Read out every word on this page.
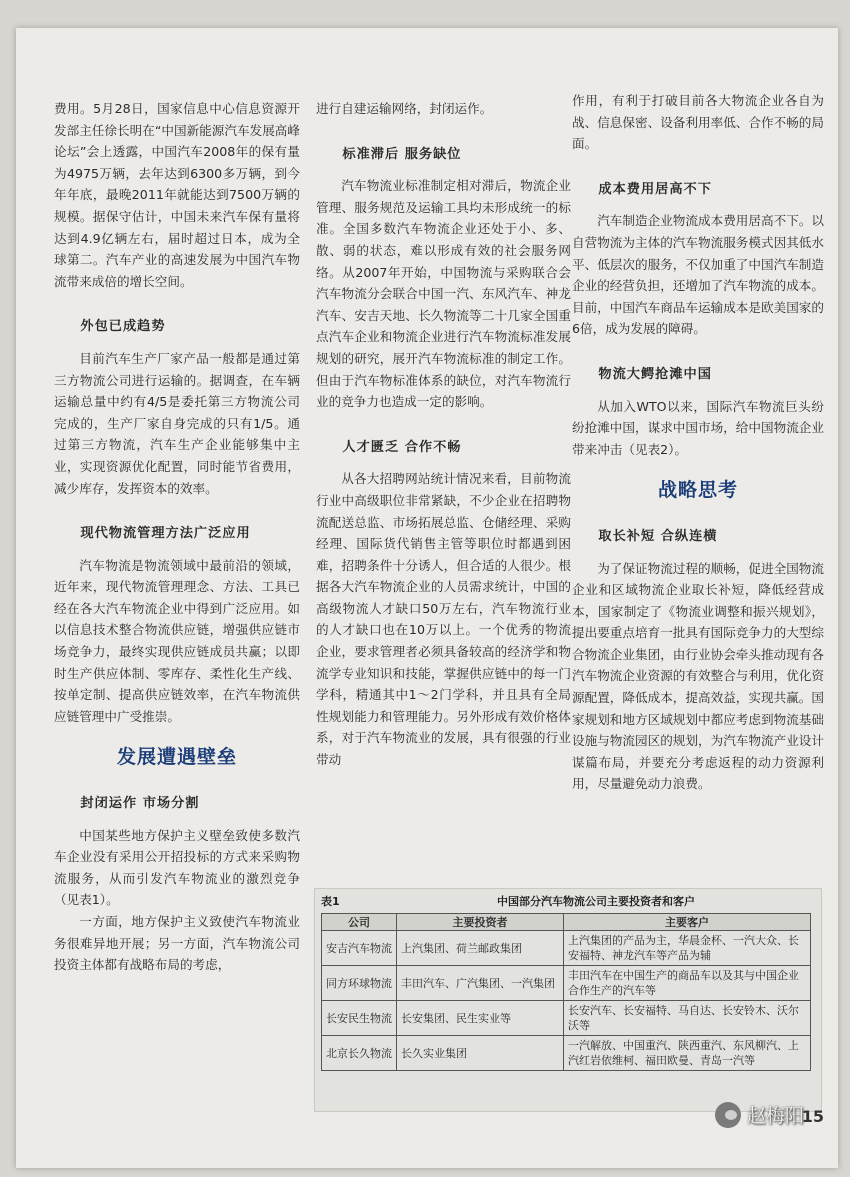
费用。5月28日，国家信息中心信息资源开发部主任徐长明在“中国新能源汽车发展高峰论坛”会上透露，中国汽车2008年的保有量为4975万辆，去年达到6300多万辆，到今年年底，最晚2011年就能达到7500万辆的规模。据保守估计，中国未来汽车保有量将达到4.9亿辆左右，届时超过日本，成为全球第二。汽车产业的高速发展为中国汽车物流带来成倍的增长空间。

外包已成趋势

目前汽车生产厂家产品一般都是通过第三方物流公司进行运输的。据调查，在车辆运输总量中约有4/5是委托第三方物流公司完成的，生产厂家自身完成的只有1/5。通过第三方物流，汽车生产企业能够集中主业，实现资源优化配置，同时能节省费用，减少库存，发挥资本的效率。

现代物流管理方法广泛应用

汽车物流是物流领域中最前沿的领域，近年来，现代物流管理理念、方法、工具已经在各大汽车物流企业中得到广泛应用。如以信息技术整合物流供应链，增强供应链市场竞争力，最终实现供应链成员共赢；以即时生产供应体制、零库存、柔性化生产线、按单定制、提高供应链效率，在汽车物流供应链管理中广受推崇。

发展遭遇壁垒
封闭运作 市场分割

中国某些地方保护主义壁垒致使多数汽车企业没有采用公开招投标的方式来采购物流服务，从而引发汽车物流业的激烈竞争（见表1）。

一方面，地方保护主义致使汽车物流业务很难异地开展；另一方面，汽车物流公司投资主体都有战略布局的考虑，

进行自建运输网络，封闭运作。

标准滞后 服务缺位

汽车物流业标准制定相对滞后，物流企业管理、服务规范及运输工具均未形成统一的标准。全国多数汽车物流企业还处于小、多、散、弱的状态，难以形成有效的社会服务网络。从2007年开始，中国物流与采购联合会汽车物流分会联合中国一汽、东风汽车、神龙汽车、安吉天地、长久物流等二十几家全国重点汽车企业和物流企业进行汽车物流标准发展规划的研究，展开汽车物流标准的制定工作。但由于汽车物标准体系的缺位，对汽车物流行业的竞争力也造成一定的影响。

人才匮乏 合作不畅

从各大招聘网站统计情况来看，目前物流行业中高级职位非常紧缺，不少企业在招聘物流配送总监、市场拓展总监、仓储经理、采购经理、国际货代销售主管等职位时都遇到困难，招聘条件十分诱人，但合适的人很少。根据各大汽车物流企业的人员需求统计，中国的高级物流人才缺口50万左右，汽车物流行业的人才缺口也在10万以上。一个优秀的物流企业，要求管理者必须具备较高的经济学和物流学专业知识和技能，掌握供应链中的每一门学科，精通其中1～2门学科，并且具有全局性规划能力和管理能力。另外形成有效价格体系，对于汽车物流业的发展，具有很强的行业带动

作用，有利于打破目前各大物流企业各自为战、信息保密、设备利用率低、合作不畅的局面。

成本费用居高不下

汽车制造企业物流成本费用居高不下。以自营物流为主体的汽车物流服务模式因其低水平、低层次的服务，不仅加重了中国汽车制造企业的经营负担，还增加了汽车物流的成本。目前，中国汽车商品车运输成本是欧美国家的6倍，成为发展的障碍。

物流大鳄抢滩中国

从加入WTO以来，国际汽车物流巨头纷纷抢滩中国，谋求中国市场，给中国物流企业带来冲击（见表2）。

战略思考
取长补短 合纵连横

为了保证物流过程的顺畅，促进全国物流企业和区域物流企业取长补短，降低经营成本，国家制定了《物流业调整和振兴规划》，提出要重点培育一批具有国际竞争力的大型综合物流企业集团，由行业协会牵头推动现有各汽车物流企业资源的有效整合与利用，优化资源配置，降低成本，提高效益，实现共赢。国家规划和地方区域规划中都应考虑到物流基础设施与物流园区的规划，为汽车物流产业设计谋篇布局，并要充分考虑返程的动力资源利用，尽量避免动力浪费。

表1	中国部分汽车物流公司主要投资者和客户
公司	主要投资者	主要客户
安吉汽车物流	上汽集团、荷兰邮政集团	上汽集团的产品为主，华晨金杯、一汽大众、长安福特、神龙汽车等产品为辅
同方环球物流	丰田汽车、广汽集团、一汽集团	丰田汽车在中国生产的商品车以及其与中国企业合作生产的汽车等
长安民生物流	长安集团、民生实业等	长安汽车、长安福特、马自达、长安铃木、沃尔沃等
北京长久物流	长久实业集团	一汽解放、中国重汽、陕西重汽、东风柳汽、上汽红岩依维柯、福田欧曼、青岛一汽等
赵梅阳
15
